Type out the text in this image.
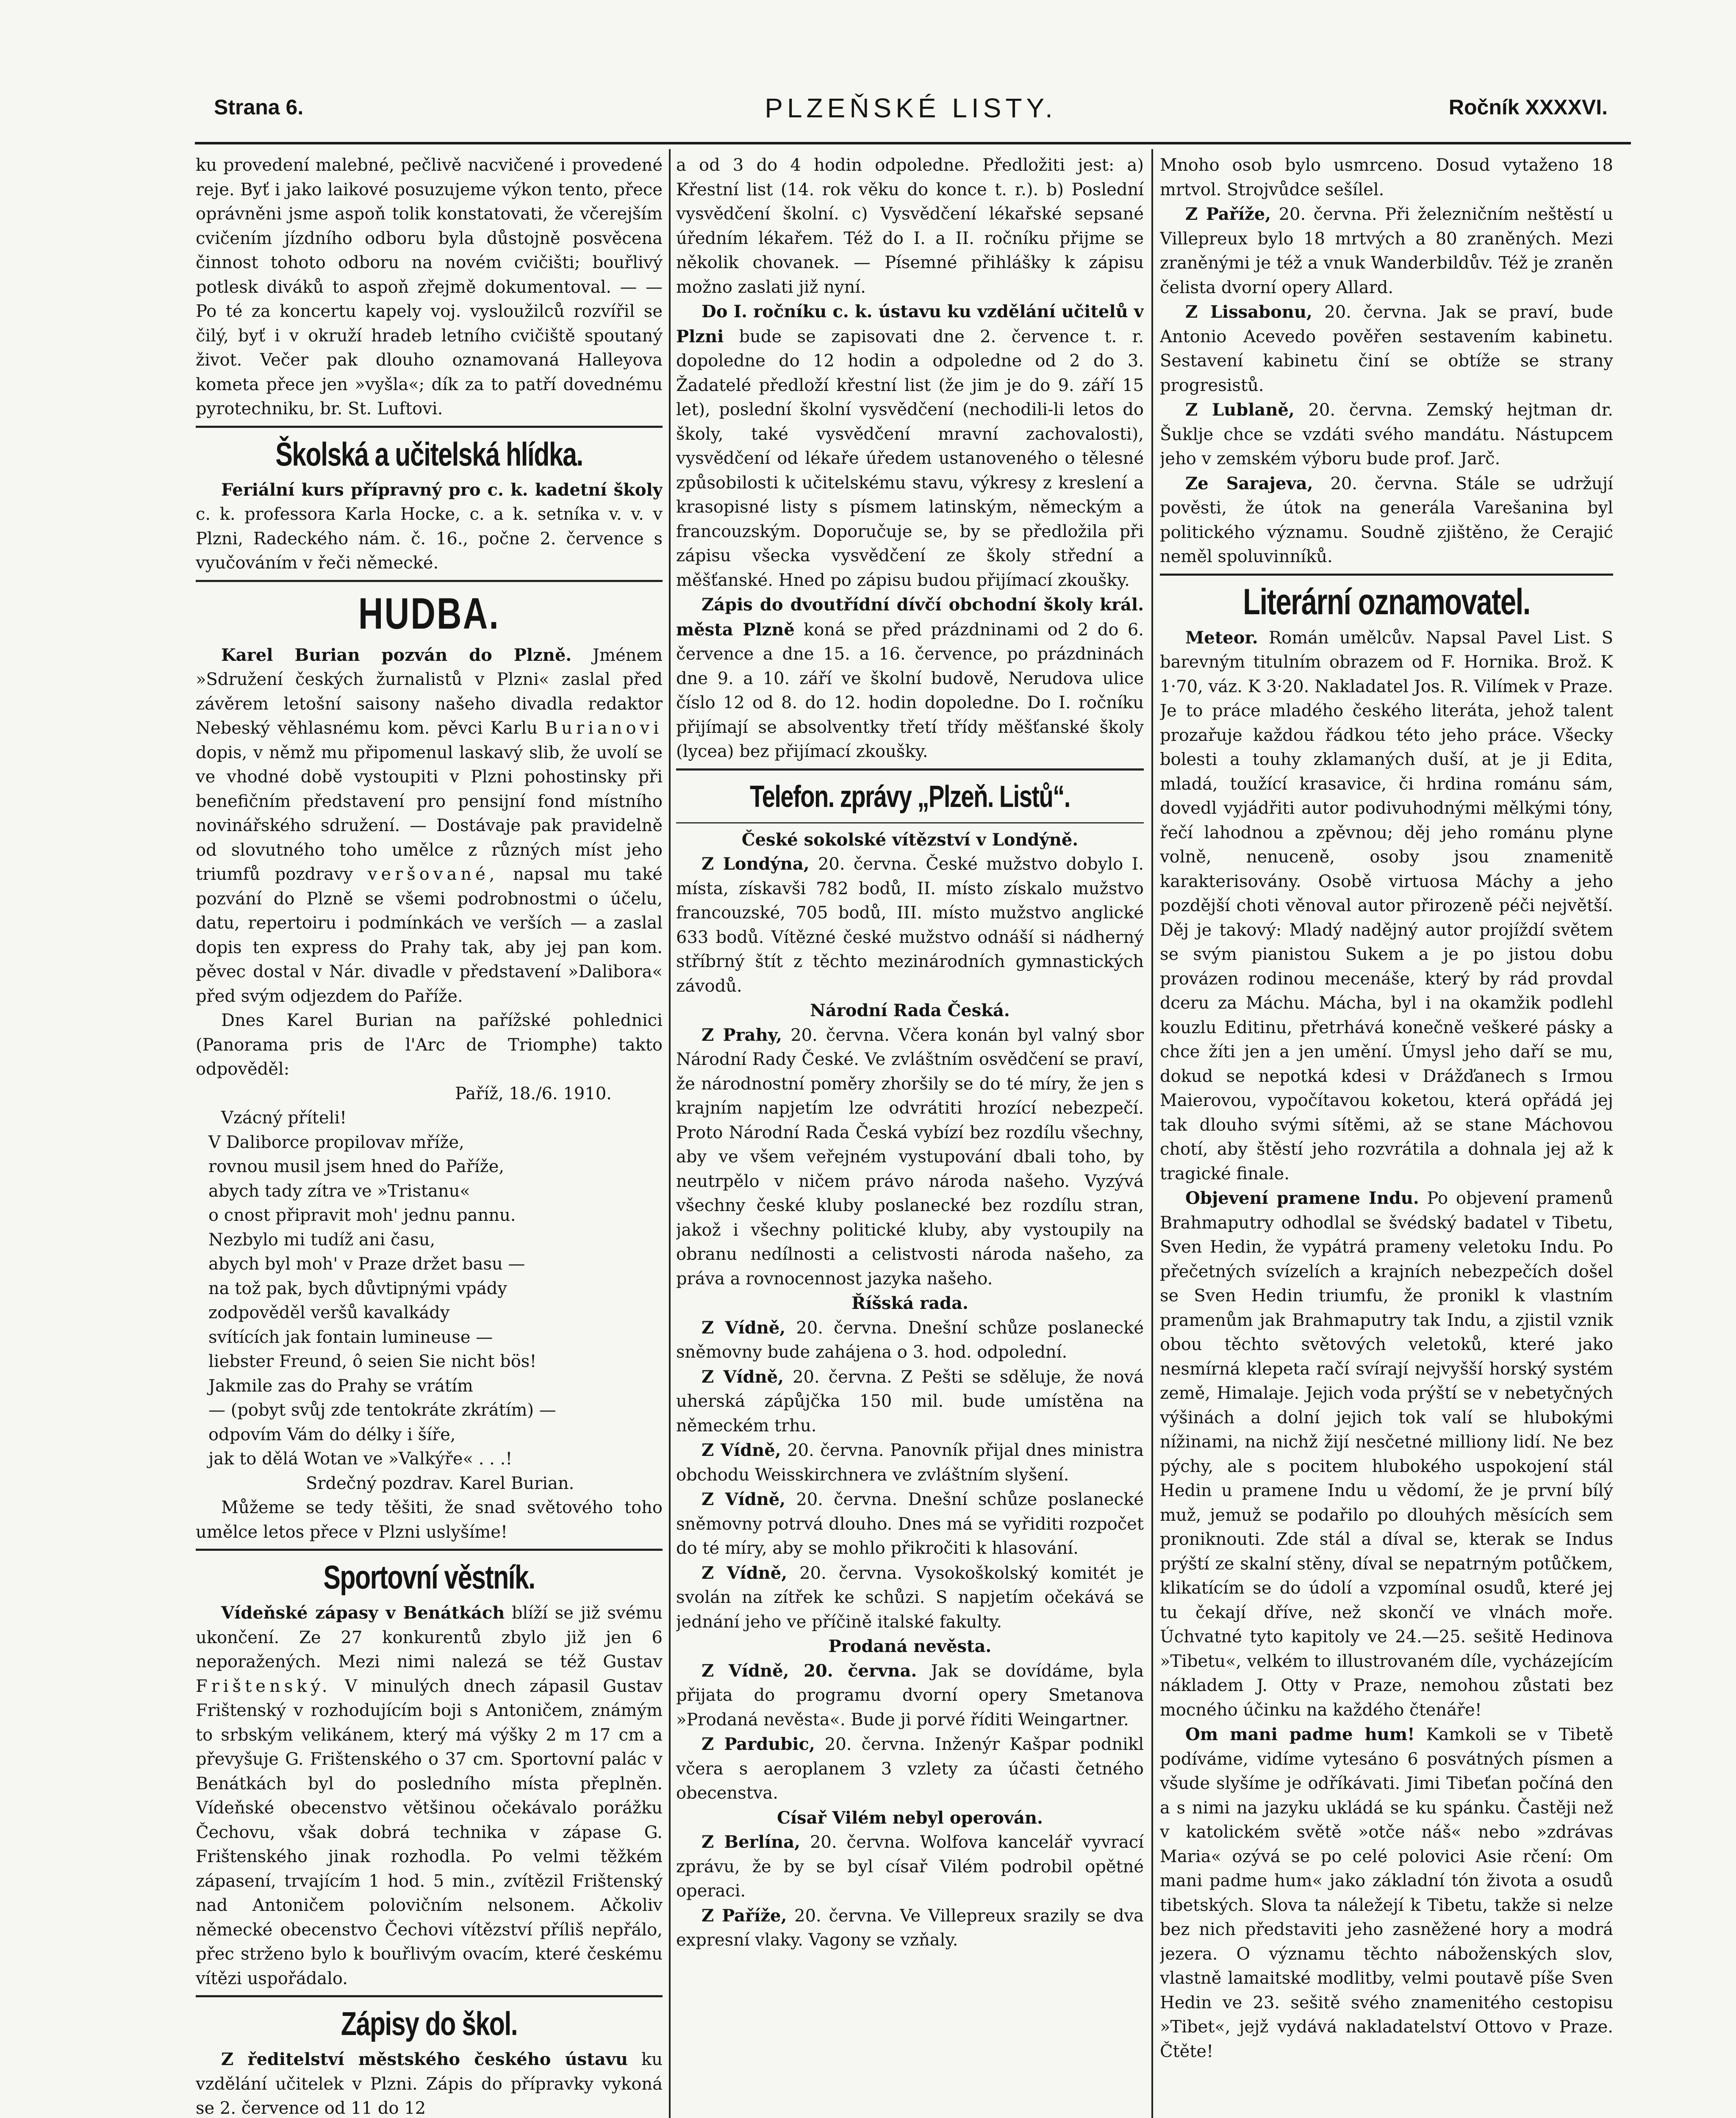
Strana 6.	PLZEŇSKÉ LISTY.	Ročník XXXXVI.

ku provedení malebné, pečlivě nacvičené i provedené reje. Byť i jako laikové posuzujeme výkon tento, přece oprávněni jsme aspoň tolik konstatovati, že včerejším cvičením jízdního odboru byla důstojně posvěcena činnost tohoto odboru na novém cvičišti; bouřlivý potlesk diváků to aspoň zřejmě dokumentoval. — — Po té za koncertu kapely voj. vysloužilců rozvířil se čilý, byť i v okruží hradeb letního cvičiště spoutaný život. Večer pak dlouho oznamovaná Halleyova kometa přece jen »vyšla«; dík za to patří dovednému pyrotechniku, br. St. Luftovi.

Školská a učitelská hlídka.

Feriální kurs přípravný pro c. k. kadetní školy c. k. professora Karla Hocke, c. a k. setníka v. v. v Plzni, Radeckého nám. č. 16., počne 2. července s vyučováním v řeči německé.

HUDBA.

Karel Burian pozván do Plzně. Jménem »Sdružení českých žurnalistů v Plzni« zaslal před závěrem letošní saisony našeho divadla redaktor Nebeský věhlasnému kom. pěvci Karlu Burianovi dopis, v němž mu připomenul laskavý slib, že uvolí se ve vhodné době vystoupiti v Plzni pohostinsky při benefičním představení pro pensijní fond místního novinářského sdružení. — Dostávaje pak pravidelně od slovutného toho umělce z různých míst jeho triumfů pozdravy veršované, napsal mu také pozvání do Plzně se všemi podrobnostmi o účelu, datu, repertoiru i podmínkách ve verších — a zaslal dopis ten express do Prahy tak, aby jej pan kom. pěvec dostal v Nár. divadle v představení »Dalibora« před svým odjezdem do Paříže.

Dnes Karel Burian na pařížské pohlednici (Panorama pris de l'Arc de Triomphe) takto odpověděl:

Paříž, 18./6. 1910.

Vzácný příteli!

V Daliborce propilovav mříže,

rovnou musil jsem hned do Paříže,

abych tady zítra ve »Tristanu«

o cnost připravit moh' jednu pannu.

Nezbylo mi tudíž ani času,

abych byl moh' v Praze držet basu —

na tož pak, bych důvtipnými vpády

zodpověděl veršů kavalkády

svítících jak fontain lumineuse —

liebster Freund, ô seien Sie nicht bös!

Jakmile zas do Prahy se vrátím

— (pobyt svůj zde tentokráte zkrátím) —

odpovím Vám do délky i šíře,

jak to dělá Wotan ve »Valkýře« . . .!

Srdečný pozdrav. Karel Burian.

Můžeme se tedy těšiti, že snad světového toho umělce letos přece v Plzni uslyšíme!

Sportovní věstník.

Vídeňské zápasy v Benátkách blíží se již svému ukončení. Ze 27 konkurentů zbylo již jen 6 neporažených. Mezi nimi nalezá se též Gustav Frištenský. V minulých dnech zápasil Gustav Frištenský v rozhodujícím boji s Antoničem, známým to srbským velikánem, který má výšky 2 m 17 cm a převyšuje G. Frištenského o 37 cm. Sportovní palác v Benátkách byl do posledního místa přeplněn. Vídeňské obecenstvo většinou očekávalo porážku Čechovu, však dobrá technika v zápase G. Frištenského jinak rozhodla. Po velmi těžkém zápasení, trvajícím 1 hod. 5 min., zvítězil Frištenský nad Antoničem polovičním nelsonem. Ačkoliv německé obecenstvo Čechovi vítězství příliš nepřálo, přec strženo bylo k bouřlivým ovacím, které českému vítězi uspořádalo.

Zápisy do škol.

Z ředitelství městského českého ústavu ku vzdělání učitelek v Plzni. Zápis do přípravky vykoná se 2. července od 11 do 12

a od 3 do 4 hodin odpoledne. Předložiti jest: a) Křestní list (14. rok věku do konce t. r.). b) Poslední vysvědčení školní. c) Vysvědčení lékařské sepsané úředním lékařem. Též do I. a II. ročníku přijme se několik chovanek. — Písemné přihlášky k zápisu možno zaslati již nyní.

Do I. ročníku c. k. ústavu ku vzdělání učitelů v Plzni bude se zapisovati dne 2. července t. r. dopoledne do 12 hodin a odpoledne od 2 do 3. Žadatelé předloží křestní list (že jim je do 9. září 15 let), poslední školní vysvědčení (nechodili-li letos do školy, také vysvědčení mravní zachovalosti), vysvědčení od lékaře úředem ustanoveného o tělesné způsobilosti k učitelskému stavu, výkresy z kreslení a krasopisné listy s písmem latinským, německým a francouzským. Doporučuje se, by se předložila při zápisu všecka vysvědčení ze školy střední a měšťanské. Hned po zápisu budou přijímací zkoušky.

Zápis do dvoutřídní dívčí obchodní školy král. města Plzně koná se před prázdninami od 2 do 6. července a dne 15. a 16. července, po prázdninách dne 9. a 10. září ve školní budově, Nerudova ulice číslo 12 od 8. do 12. hodin dopoledne. Do I. ročníku přijímají se absolventky třetí třídy měšťanské školy (lycea) bez přijímací zkoušky.

Telefon. zprávy „Plzeň. Listů“.

České sokolské vítězství v Londýně.

Z Londýna, 20. června. České mužstvo dobylo I. místa, získavši 782 bodů, II. místo získalo mužstvo francouzské, 705 bodů, III. místo mužstvo anglické 633 bodů. Vítězné české mužstvo odnáší si nádherný stříbrný štít z těchto mezinárodních gymnastických závodů.

Národní Rada Česká.

Z Prahy, 20. června. Včera konán byl valný sbor Národní Rady České. Ve zvláštním osvědčení se praví, že národnostní poměry zhoršily se do té míry, že jen s krajním napjetím lze odvrátiti hrozící nebezpečí. Proto Národní Rada Česká vybízí bez rozdílu všechny, aby ve všem veřejném vystupování dbali toho, by neutrpělo v ničem právo národa našeho. Vyzývá všechny české kluby poslanecké bez rozdílu stran, jakož i všechny politické kluby, aby vystoupily na obranu nedílnosti a celistvosti národa našeho, za práva a rovnocennost jazyka našeho.

Říšská rada.

Z Vídně, 20. června. Dnešní schůze poslanecké sněmovny bude zahájena o 3. hod. odpolední.

Z Vídně, 20. června. Z Pešti se sděluje, že nová uherská zápůjčka 150 mil. bude umístěna na německém trhu.

Z Vídně, 20. června. Panovník přijal dnes ministra obchodu Weisskirchnera ve zvláštním slyšení.

Z Vídně, 20. června. Dnešní schůze poslanecké sněmovny potrvá dlouho. Dnes má se vyřiditi rozpočet do té míry, aby se mohlo přikročiti k hlasování.

Z Vídně, 20. června. Vysokoškolský komitét je svolán na zítřek ke schůzi. S napjetím očekává se jednání jeho ve příčině italské fakulty.

Prodaná nevěsta.

Z Vídně, 20. června. Jak se dovídáme, byla přijata do programu dvorní opery Smetanova »Prodaná nevěsta«. Bude ji porvé říditi Weingartner.

Z Pardubic, 20. června. Inženýr Kašpar podnikl včera s aeroplanem 3 vzlety za účasti četného obecenstva.

Císař Vilém nebyl operován.

Z Berlína, 20. června. Wolfova kancelář vyvrací zprávu, že by se byl císař Vilém podrobil opětné operaci.

Z Paříže, 20. června. Ve Villepreux srazily se dva expresní vlaky. Vagony se vzňaly.

Mnoho osob bylo usmrceno. Dosud vytaženo 18 mrtvol. Strojvůdce sešílel.

Z Paříže, 20. června. Při železničním neštěstí u Villepreux bylo 18 mrtvých a 80 zraněných. Mezi zraněnými je též a vnuk Wanderbildův. Též je zraněn čelista dvorní opery Allard.

Z Lissabonu, 20. června. Jak se praví, bude Antonio Acevedo pověřen sestavením kabinetu. Sestavení kabinetu činí se obtíže se strany progresistů.

Z Lublaně, 20. června. Zemský hejtman dr. Šuklje chce se vzdáti svého mandátu. Nástupcem jeho v zemském výboru bude prof. Jarč.

Ze Sarajeva, 20. června. Stále se udržují pověsti, že útok na generála Varešanina byl politického významu. Soudně zjištěno, že Cerajić neměl spoluvinníků.

Literární oznamovatel.

Meteor. Román umělcův. Napsal Pavel List. S barevným titulním obrazem od F. Hornika. Brož. K 1·70, váz. K 3·20. Nakladatel Jos. R. Vilímek v Praze. Je to práce mladého českého literáta, jehož talent prozařuje každou řádkou této jeho práce. Všecky bolesti a touhy zklamaných duší, at je ji Edita, mladá, toužící krasavice, či hrdina románu sám, dovedl vyjádřiti autor podivuhodnými mělkými tóny, řečí lahodnou a zpěvnou; děj jeho románu plyne volně, nenuceně, osoby jsou znamenitě karakterisovány. Osobě virtuosa Máchy a jeho pozdější choti věnoval autor přirozeně péči největší. Děj je takový: Mladý nadějný autor projíždí světem se svým pianistou Sukem a je po jistou dobu provázen rodinou mecenáše, který by rád provdal dceru za Máchu. Mácha, byl i na okamžik podlehl kouzlu Editinu, přetrhává konečně veškeré pásky a chce žíti jen a jen umění. Úmysl jeho daří se mu, dokud se nepotká kdesi v Drážďanech s Irmou Maierovou, vypočítavou koketou, která opřádá jej tak dlouho svými sítěmi, až se stane Máchovou chotí, aby štěstí jeho rozvrátila a dohnala jej až k tragické finale.

Objevení pramene Indu. Po objevení pramenů Brahmaputry odhodlal se švédský badatel v Tibetu, Sven Hedin, že vypátrá prameny veletoku Indu. Po přečetných svízelích a krajních nebezpečích došel se Sven Hedin triumfu, že pronikl k vlastním pramenům jak Brahmaputry tak Indu, a zjistil vznik obou těchto světových veletoků, které jako nesmírná klepeta račí svírají nejvyšší horský systém země, Himalaje. Jejich voda prýští se v nebetyčných výšinách a dolní jejich tok valí se hlubokými nížinami, na nichž žijí nesčetné milliony lidí. Ne bez pýchy, ale s pocitem hlubokého uspokojení stál Hedin u pramene Indu u vědomí, že je první bílý muž, jemuž se podařilo po dlouhých měsících sem proniknouti. Zde stál a díval se, kterak se Indus prýští ze skalní stěny, díval se nepatrným potůčkem, klikatícím se do údolí a vzpomínal osudů, které jej tu čekají dříve, než skončí ve vlnách moře. Úchvatné tyto kapitoly ve 24.—25. sešitě Hedinova »Tibetu«, velkém to illustrovaném díle, vycházejícím nákladem J. Otty v Praze, nemohou zůstati bez mocného účinku na každého čtenáře!

Om mani padme hum! Kamkoli se v Tibetě podíváme, vidíme vytesáno 6 posvátných písmen a všude slyšíme je odříkávati. Jimi Tibeťan počíná den a s nimi na jazyku ukládá se ku spánku. Častěji než v katolickém světě »otče náš« nebo »zdrávas Maria« ozývá se po celé polovici Asie rčení: Om mani padme hum« jako základní tón života a osudů tibetských. Slova ta náležejí k Tibetu, takže si nelze bez nich představiti jeho zasněžené hory a modrá jezera. O významu těchto náboženských slov, vlastně lamaitské modlitby, velmi poutavě píše Sven Hedin ve 23. sešitě svého znamenitého cestopisu »Tibet«, jejž vydává nakladatelství Ottovo v Praze. Čtěte!
